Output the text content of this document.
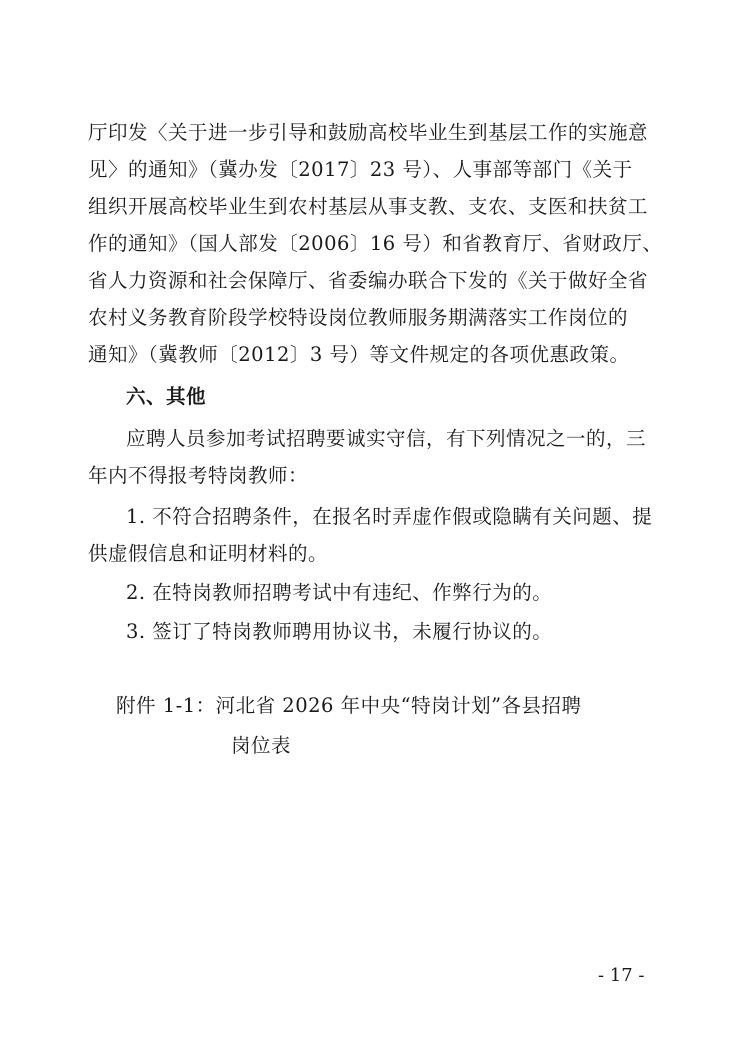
厅印发〈关于进一步引导和鼓励高校毕业生到基层工作的实施意
见〉的通知》（冀办发〔2017〕23 号）、人事部等部门《关于
组织开展高校毕业生到农村基层从事支教、支农、支医和扶贫工
作的通知》（国人部发〔2006〕16 号）和省教育厅、省财政厅、
省人力资源和社会保障厅、省委编办联合下发的《关于做好全省
农村义务教育阶段学校特设岗位教师服务期满落实工作岗位的
通知》（冀教师〔2012〕3 号）等文件规定的各项优惠政策。
六、其他
应聘人员参加考试招聘要诚实守信，有下列情况之一的，三
年内不得报考特岗教师：
1. 不符合招聘条件，在报名时弄虚作假或隐瞒有关问题、提
供虚假信息和证明材料的。
2. 在特岗教师招聘考试中有违纪、作弊行为的。
3. 签订了特岗教师聘用协议书，未履行协议的。
附件 1-1：河北省 2026 年中央“特岗计划”各县招聘
岗位表
- 17 -
